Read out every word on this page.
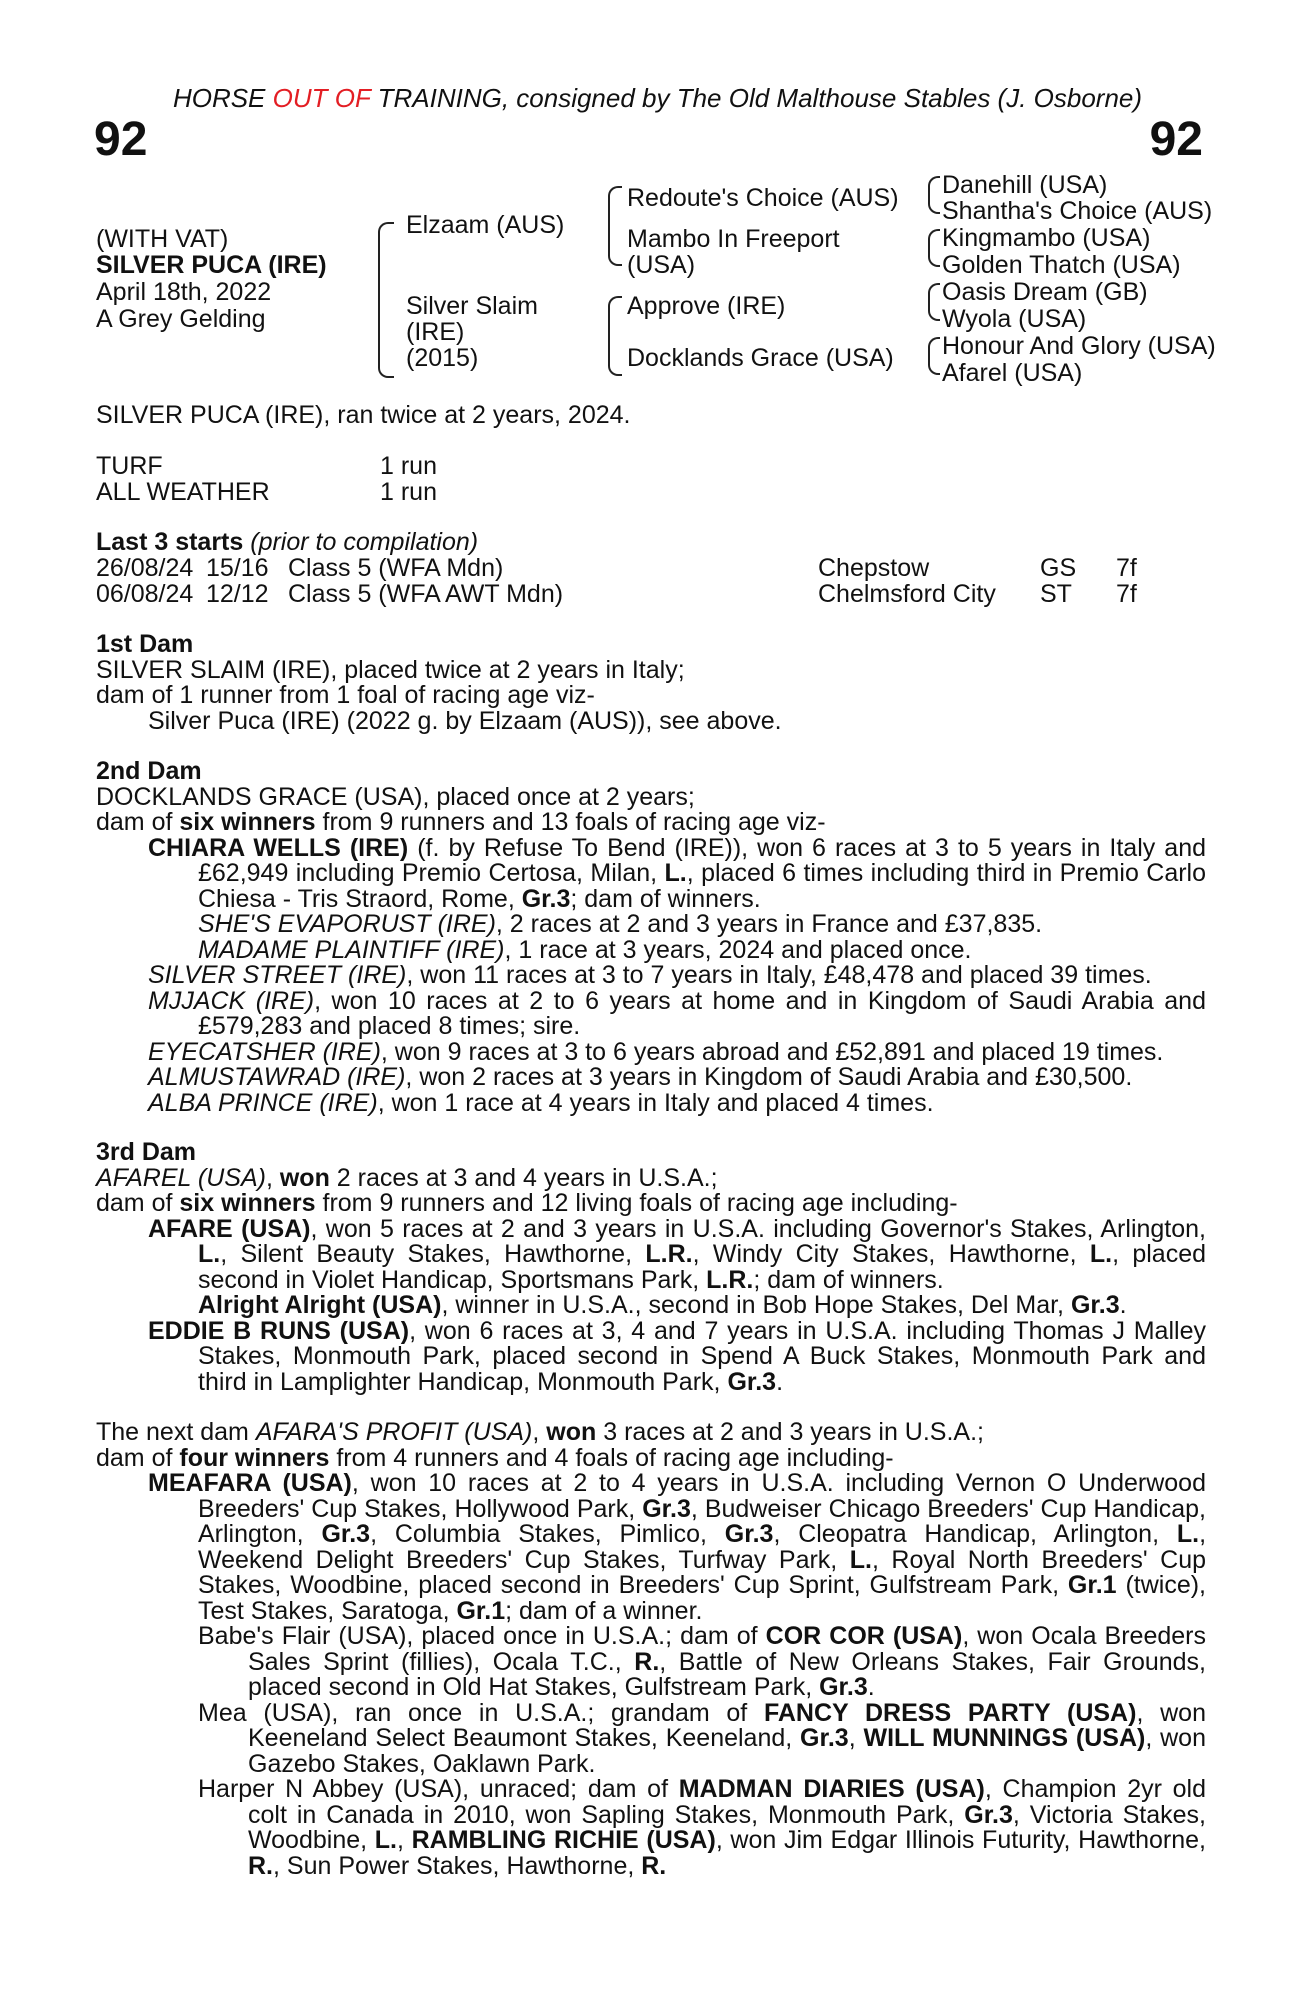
HORSE OUT OF TRAINING, consigned by The Old Malthouse Stables (J. Osborne)
92	92
(WITH VAT)
SILVER PUCA (IRE)
April 18th, 2022
A Grey Gelding
Elzaam (AUS)
Silver Slaim
(IRE)
(2015)
Redoute's Choice (AUS)
Mambo In Freeport
(USA)
Approve (IRE)
Docklands Grace (USA)
Danehill (USA)
Shantha's Choice (AUS)
Kingmambo (USA)
Golden Thatch (USA)
Oasis Dream (GB)
Wyola (USA)
Honour And Glory (USA)
Afarel (USA)
SILVER PUCA (IRE), ran twice at 2 years, 2024.
TURF	1 run
ALL WEATHER	1 run
Last 3 starts (prior to compilation)
26/08/24 15/16 Class 5 (WFA Mdn)	Chepstow	GS 7f
06/08/24 12/12 Class 5 (WFA AWT Mdn)	Chelmsford City ST 7f

1st Dam

SILVER SLAIM (IRE), placed twice at 2 years in Italy;

dam of 1 runner from 1 foal of racing age viz-

Silver Puca (IRE) (2022 g. by Elzaam (AUS)), see above.

2nd Dam

DOCKLANDS GRACE (USA), placed once at 2 years;

dam of six winners from 9 runners and 13 foals of racing age viz-

CHIARA WELLS (IRE) (f. by Refuse To Bend (IRE)), won 6 races at 3 to 5 years in Italy and £62,949 including Premio Certosa, Milan, L., placed 6 times including third in Premio Carlo Chiesa - Tris Straord, Rome, Gr.3; dam of winners.

SHE'S EVAPORUST (IRE), 2 races at 2 and 3 years in France and £37,835.

MADAME PLAINTIFF (IRE), 1 race at 3 years, 2024 and placed once.

SILVER STREET (IRE), won 11 races at 3 to 7 years in Italy, £48,478 and placed 39 times.

MJJACK (IRE), won 10 races at 2 to 6 years at home and in Kingdom of Saudi Arabia and £579,283 and placed 8 times; sire.

EYECATSHER (IRE), won 9 races at 3 to 6 years abroad and £52,891 and placed 19 times.

ALMUSTAWRAD (IRE), won 2 races at 3 years in Kingdom of Saudi Arabia and £30,500.

ALBA PRINCE (IRE), won 1 race at 4 years in Italy and placed 4 times.

3rd Dam

AFAREL (USA), won 2 races at 3 and 4 years in U.S.A.;

dam of six winners from 9 runners and 12 living foals of racing age including-

AFARE (USA), won 5 races at 2 and 3 years in U.S.A. including Governor's Stakes, Arlington, L., Silent Beauty Stakes, Hawthorne, L.R., Windy City Stakes, Hawthorne, L., placed second in Violet Handicap, Sportsmans Park, L.R.; dam of winners.

Alright Alright (USA), winner in U.S.A., second in Bob Hope Stakes, Del Mar, Gr.3.

EDDIE B RUNS (USA), won 6 races at 3, 4 and 7 years in U.S.A. including Thomas J Malley Stakes, Monmouth Park, placed second in Spend A Buck Stakes, Monmouth Park and third in Lamplighter Handicap, Monmouth Park, Gr.3.

The next dam AFARA'S PROFIT (USA), won 3 races at 2 and 3 years in U.S.A.;

dam of four winners from 4 runners and 4 foals of racing age including-

MEAFARA (USA), won 10 races at 2 to 4 years in U.S.A. including Vernon O Underwood Breeders' Cup Stakes, Hollywood Park, Gr.3, Budweiser Chicago Breeders' Cup Handicap, Arlington, Gr.3, Columbia Stakes, Pimlico, Gr.3, Cleopatra Handicap, Arlington, L., Weekend Delight Breeders' Cup Stakes, Turfway Park, L., Royal North Breeders' Cup Stakes, Woodbine, placed second in Breeders' Cup Sprint, Gulfstream Park, Gr.1 (twice), Test Stakes, Saratoga, Gr.1; dam of a winner.

Babe's Flair (USA), placed once in U.S.A.; dam of COR COR (USA), won Ocala Breeders Sales Sprint (fillies), Ocala T.C., R., Battle of New Orleans Stakes, Fair Grounds, placed second in Old Hat Stakes, Gulfstream Park, Gr.3.

Mea (USA), ran once in U.S.A.; grandam of FANCY DRESS PARTY (USA), won Keeneland Select Beaumont Stakes, Keeneland, Gr.3, WILL MUNNINGS (USA), won Gazebo Stakes, Oaklawn Park.

Harper N Abbey (USA), unraced; dam of MADMAN DIARIES (USA), Champion 2yr old colt in Canada in 2010, won Sapling Stakes, Monmouth Park, Gr.3, Victoria Stakes, Woodbine, L., RAMBLING RICHIE (USA), won Jim Edgar Illinois Futurity, Hawthorne, R., Sun Power Stakes, Hawthorne, R.
